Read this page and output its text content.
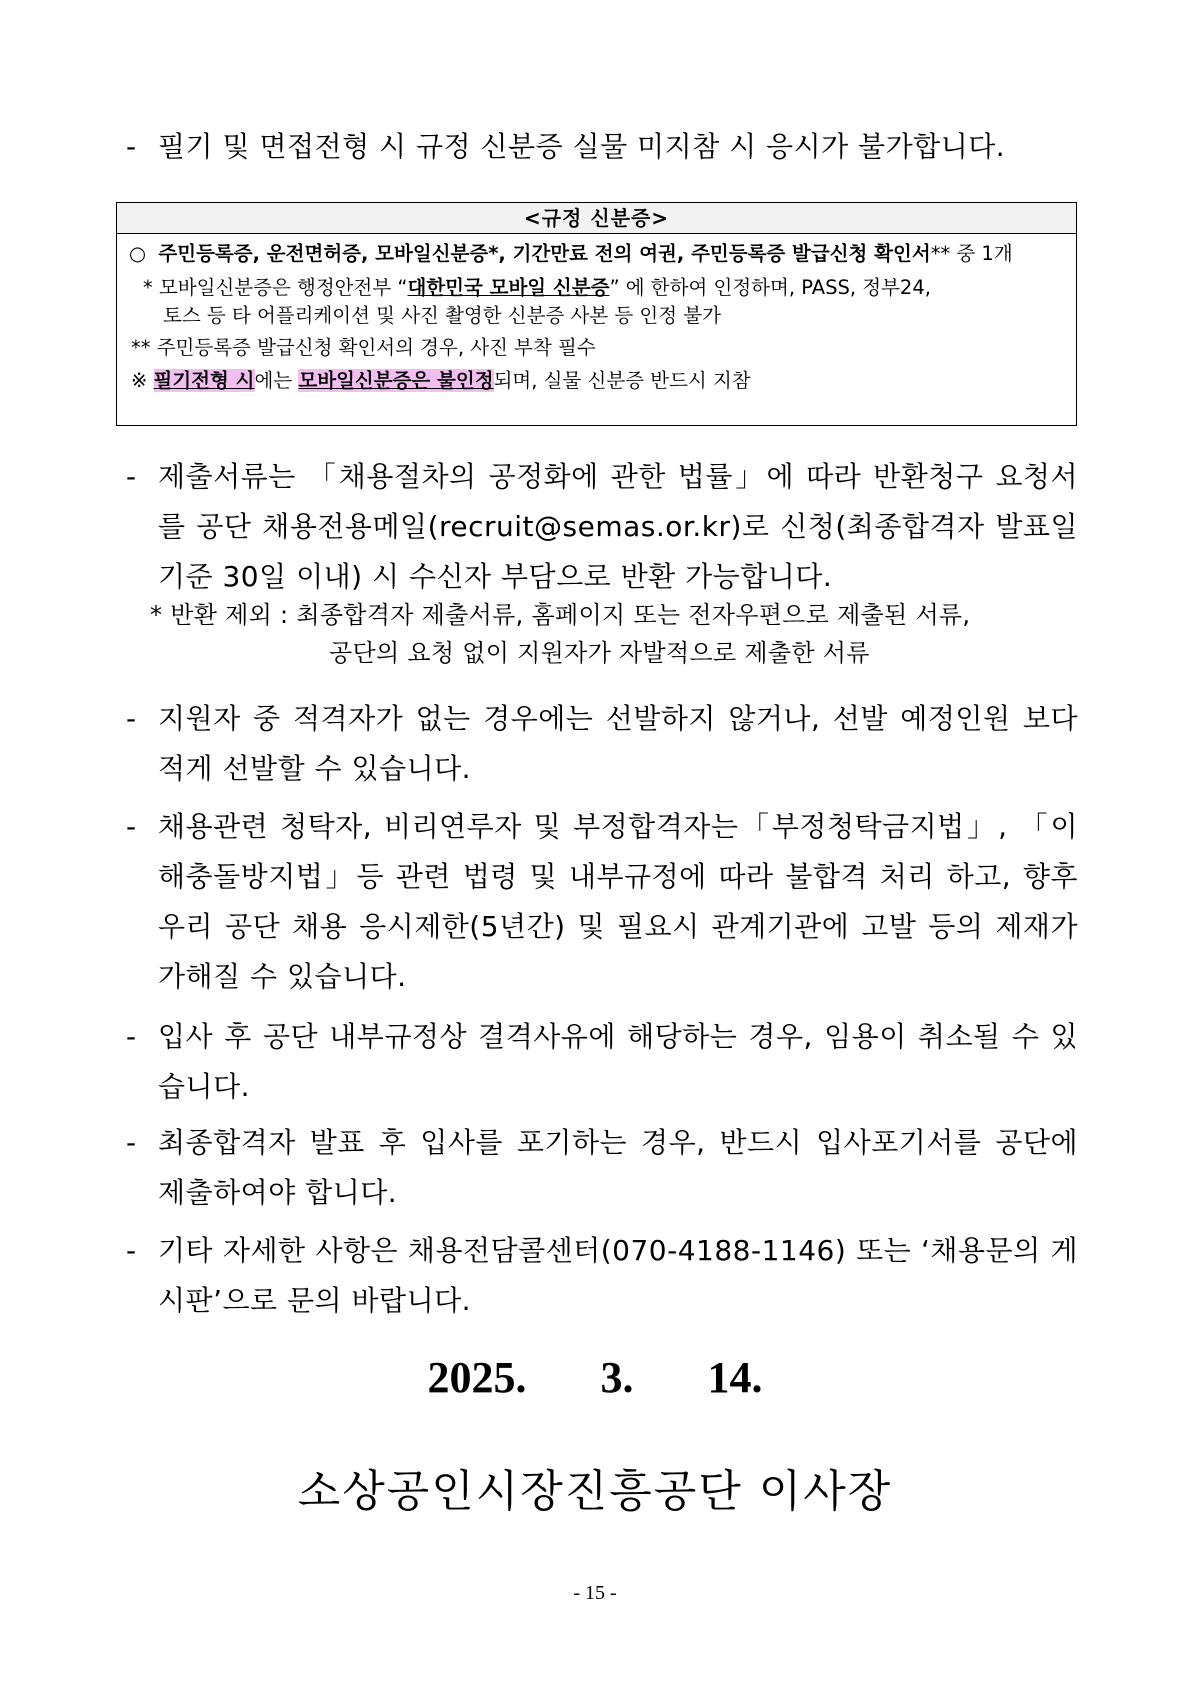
- 필기 및 면접전형 시 규정 신분증 실물 미지참 시 응시가 불가합니다.
<규정 신분증>
○ 주민등록증, 운전면허증, 모바일신분증*, 기간만료 전의 여권, 주민등록증 발급신청 확인서** 중 1개
* 모바일신분증은 행정안전부 “대한민국 모바일 신분증” 에 한하여 인정하며, PASS, 정부24,
토스 등 타 어플리케이션 및 사진 촬영한 신분증 사본 등 인정 불가
** 주민등록증 발급신청 확인서의 경우, 사진 부착 필수
※ 필기전형 시에는 모바일신분증은 불인정되며, 실물 신분증 반드시 지참
- 제출서류는 「채용절차의 공정화에 관한 법률」에 따라 반환청구 요청서를 공단 채용전용메일(recruit@semas.or.kr)로 신청(최종합격자 발표일 기준 30일 이내) 시 수신자 부담으로 반환 가능합니다.
* 반환 제외 : 최종합격자 제출서류, 홈페이지 또는 전자우편으로 제출된 서류,
공단의 요청 없이 지원자가 자발적으로 제출한 서류
- 지원자 중 적격자가 없는 경우에는 선발하지 않거나, 선발 예정인원 보다 적게 선발할 수 있습니다.
- 채용관련 청탁자, 비리연루자 및 부정합격자는「부정청탁금지법」, 「이해충돌방지법」등 관련 법령 및 내부규정에 따라 불합격 처리 하고, 향후 우리 공단 채용 응시제한(5년간) 및 필요시 관계기관에 고발 등의 제재가 가해질 수 있습니다.
- 입사 후 공단 내부규정상 결격사유에 해당하는 경우, 임용이 취소될 수 있습니다.
- 최종합격자 발표 후 입사를 포기하는 경우, 반드시 입사포기서를 공단에 제출하여야 합니다.
- 기타 자세한 사항은 채용전담콜센터(070-4188-1146) 또는 ‘채용문의 게시판’으로 문의 바랍니다.
2025.  3.  14.
소상공인시장진흥공단 이사장
- 15 -
